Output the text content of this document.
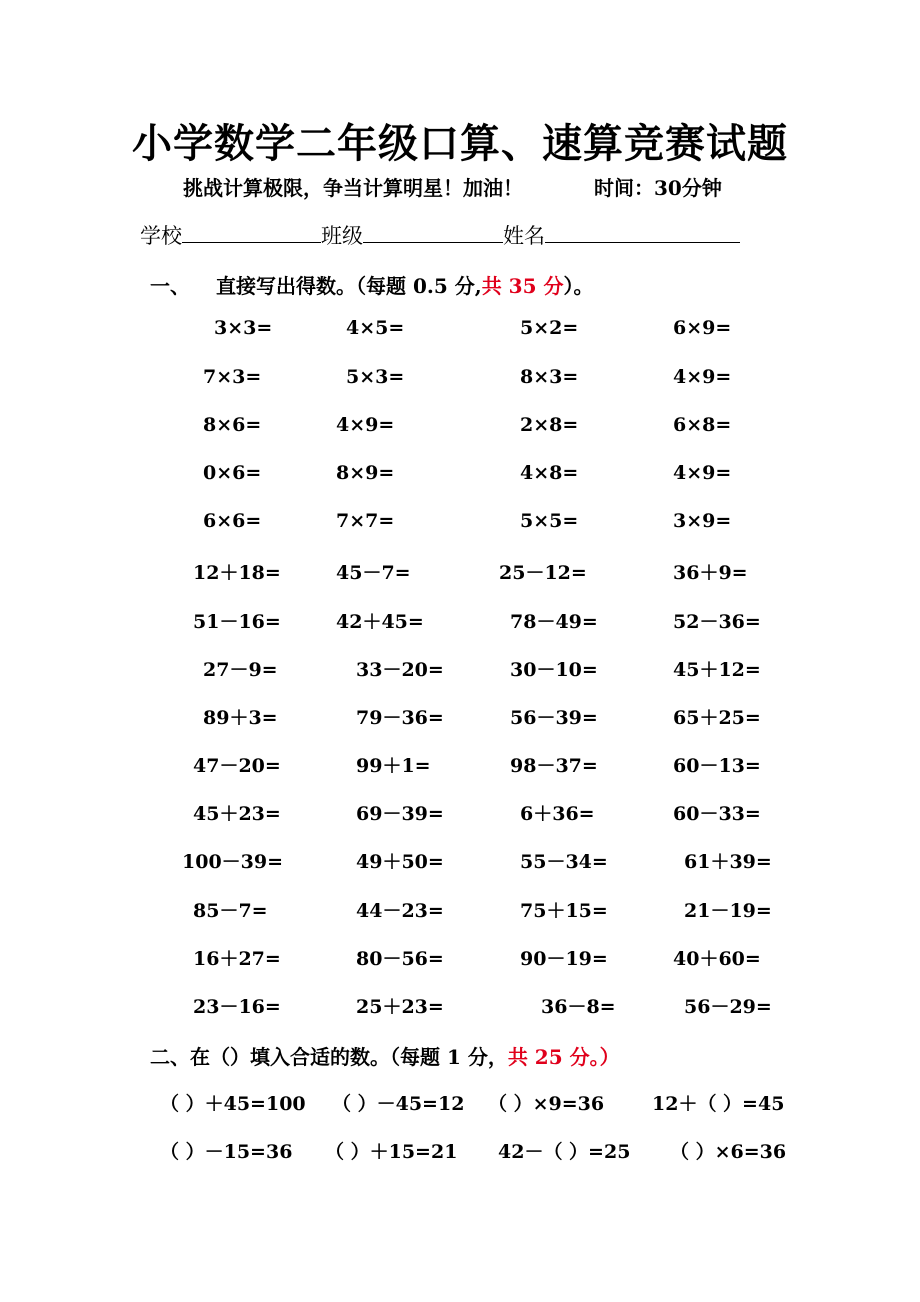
小学数学二年级口算、速算竞赛试题
挑战计算极限，争当计算明星！加油！	时间：30分钟
学校	班级	姓名
一、 直接写出得数。（每题 0.5 分,共 35 分）。
3×3=	4×5=	5×2=	6×9=
7×3=	5×3=	8×3=	4×9=
8×6=	4×9=	2×8=	6×8=
0×6=	8×9=	4×8=	4×9=
6×6=	7×7=	5×5=	3×9=
12＋18=	45－7=	25－12=	36＋9=
51－16=	42＋45=	78－49=	52－36=
27－9=	33－20=	30－10=	45＋12=
89＋3=	79－36=	56－39=	65＋25=
47－20=	99＋1=	98－37=	60－13=
45＋23=	69－39=	6＋36=	60－33=
100－39=	49＋50=	55－34=	61＋39=
85－7=	44－23=	75＋15=	21－19=
16＋27=	80－56=	90－19=	40＋60=
23－16=	25＋23=	36－8=	56－29=
二、在（）填入合适的数。（每题 1 分，共 25 分。）
（ ）＋45=100 （ ）－45=12 （ ）×9=36	12＋（ ）=45
（ ）－15=36 （ ）＋15=21 42－（ ）=25 （ ）×6=36
